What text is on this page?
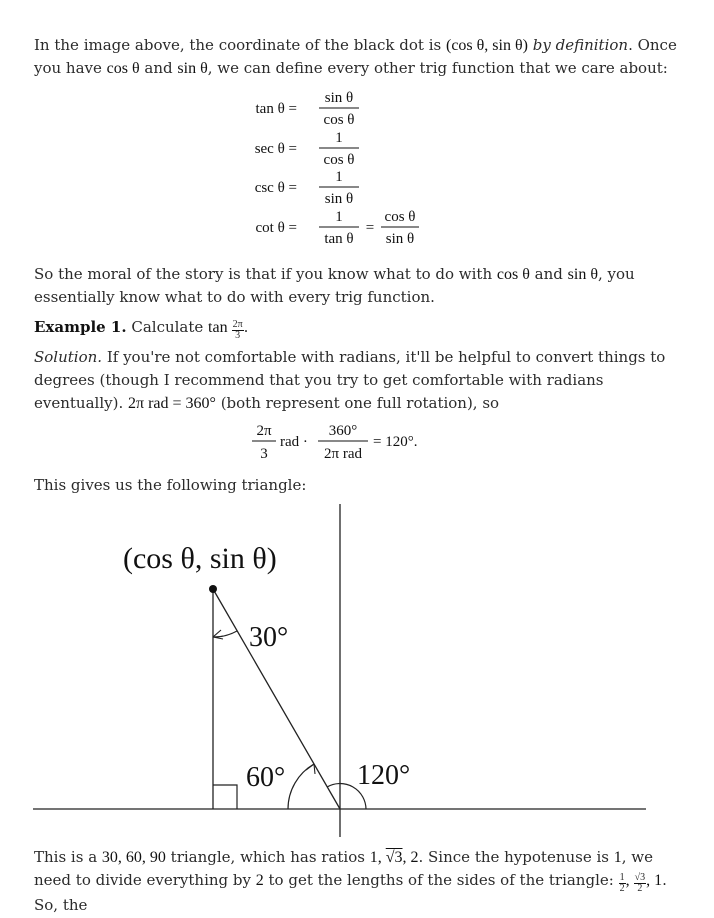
In the image above, the coordinate of the black dot is (cos θ, sin θ) by definition. Once you have cos θ and sin θ, we can define every other trig function that we care about:

tan θ =
sin θ
cos θ
sec θ =
1
cos θ
csc θ =
1
sin θ
cot θ =
1
tan θ
=
cos θ
sin θ

So the moral of the story is that if you know what to do with cos θ and sin θ, you essentially know what to do with every trig function.

Example 1. Calculate $\tan \frac{2\pi}{3}$ .

Solution. If you're not comfortable with radians, it'll be helpful to convert things to degrees (though I recommend that you try to get comfortable with radians eventually). 2π rad = 360° (both represent one full rotation), so

2π
3
rad ·
360°
2π rad
= 120°.

This gives us the following triangle:

(cos θ, sin θ)
30°
60°	120°

This is a 30, 60, 90 triangle, which has ratios 1, √3, 2. Since the hypotenuse is 1, we need to divide everything by 2 to get the lengths of the sides of the triangle: $\frac{1}{2}$ , $\frac{√3}{2}$ , 1. So, the
